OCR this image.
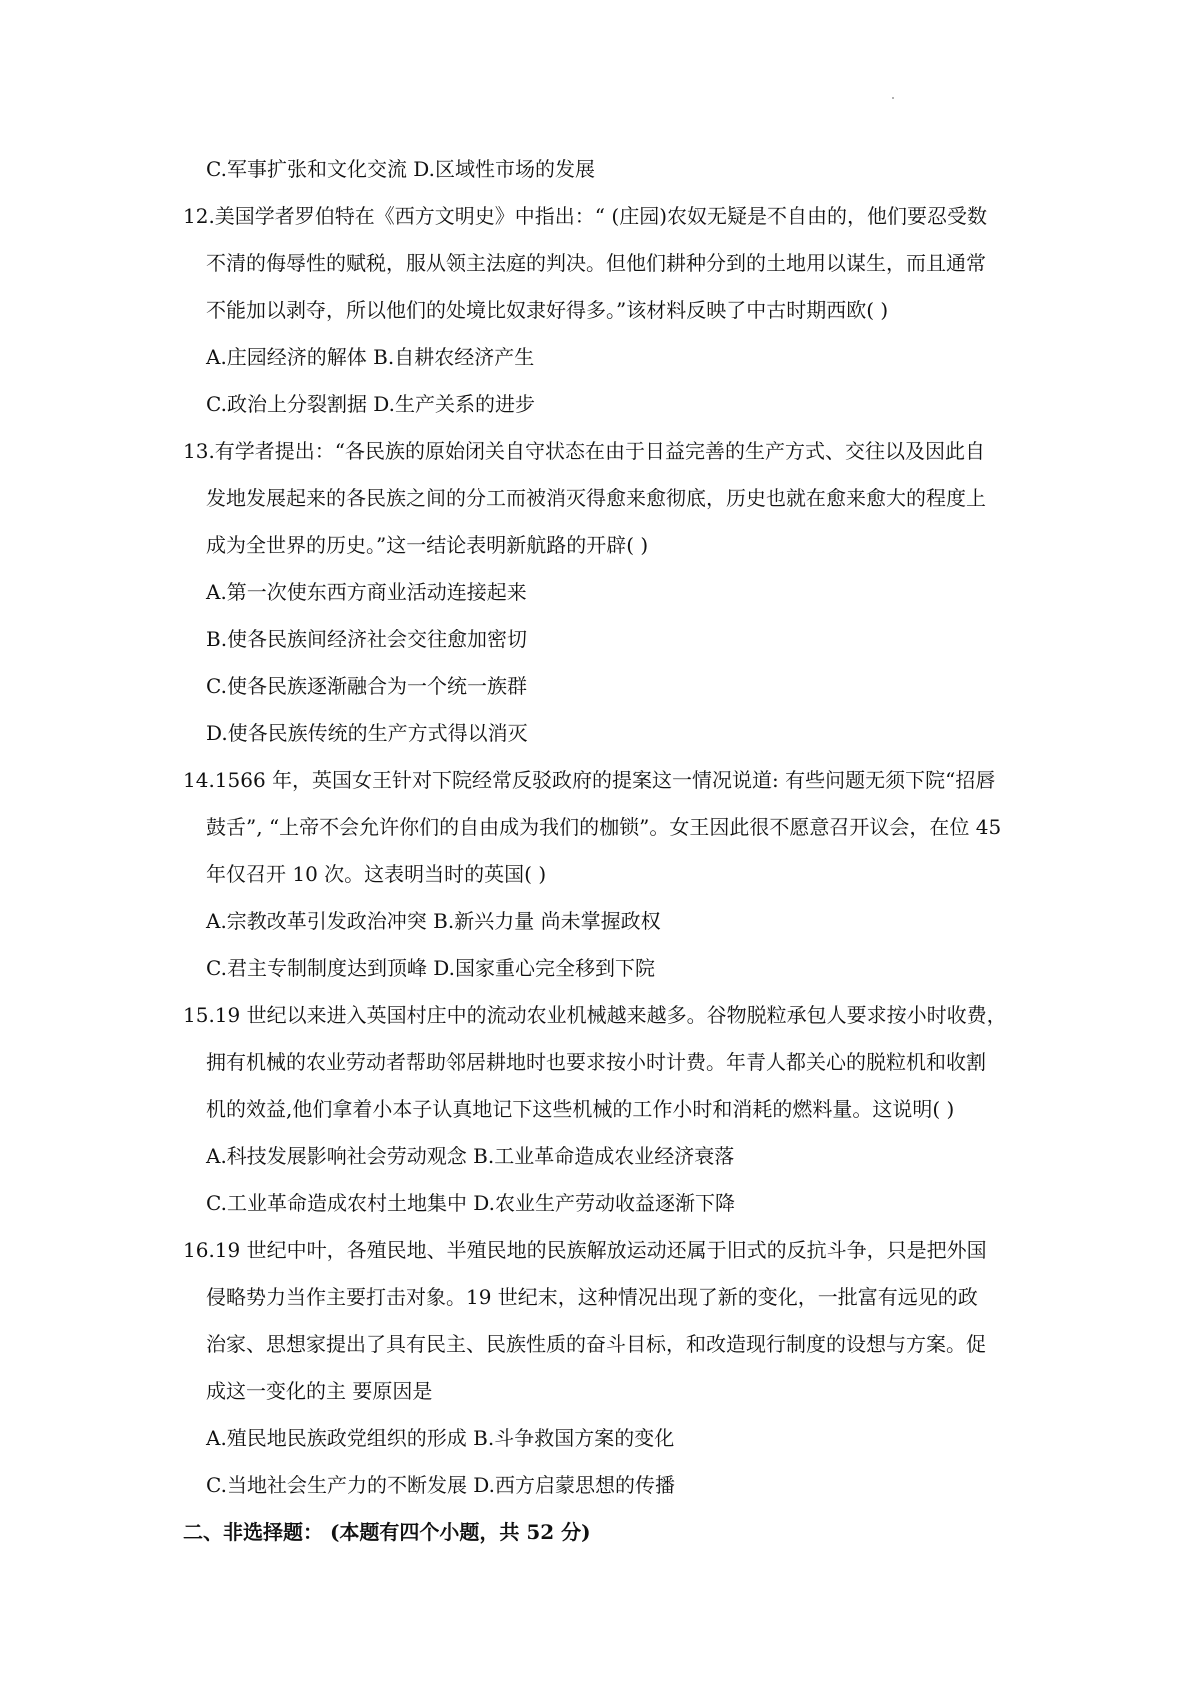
C.军事扩张和文化交流 D.区域性市场的发展
12.美国学者罗伯特在《西方文明史》中指出：“ (庄园)农奴无疑是不自由的，他们要忍受数
不清的侮辱性的赋税，服从领主法庭的判决。但他们耕种分到的土地用以谋生，而且通常
不能加以剥夺，所以他们的处境比奴隶好得多。”该材料反映了中古时期西欧( )
A.庄园经济的解体 B.自耕农经济产生
C.政治上分裂割据 D.生产关系的进步
13.有学者提出：“各民族的原始闭关自守状态在由于日益完善的生产方式、交往以及因此自
发地发展起来的各民族之间的分工而被消灭得愈来愈彻底，历史也就在愈来愈大的程度上
成为全世界的历史。”这一结论表明新航路的开辟( )
A.第一次使东西方商业活动连接起来
B.使各民族间经济社会交往愈加密切
C.使各民族逐渐融合为一个统一族群
D.使各民族传统的生产方式得以消灭
14.1566 年，英国女王针对下院经常反驳政府的提案这一情况说道: 有些问题无须下院“招唇
鼓舌”, “上帝不会允许你们的自由成为我们的枷锁”。女王因此很不愿意召开议会，在位 45
年仅召开 10 次。这表明当时的英国( )
A.宗教改革引发政治冲突 B.新兴力量 尚未掌握政权
C.君主专制制度达到顶峰 D.国家重心完全移到下院
15.19 世纪以来进入英国村庄中的流动农业机械越来越多。谷物脱粒承包人要求按小时收费，
拥有机械的农业劳动者帮助邻居耕地时也要求按小时计费。年青人都关心的脱粒机和收割
机的效益,他们拿着小本子认真地记下这些机械的工作小时和消耗的燃料量。这说明( )
A.科技发展影响社会劳动观念 B.工业革命造成农业经济衰落
C.工业革命造成农村土地集中 D.农业生产劳动收益逐渐下降
16.19 世纪中叶，各殖民地、半殖民地的民族解放运动还属于旧式的反抗斗争，只是把外国
侵略势力当作主要打击对象。19 世纪末，这种情况出现了新的变化，一批富有远见的政
治家、思想家提出了具有民主、民族性质的奋斗目标，和改造现行制度的设想与方案。促
成这一变化的主 要原因是
A.殖民地民族政党组织的形成 B.斗争救国方案的变化
C.当地社会生产力的不断发展 D.西方启蒙思想的传播
二、非选择题： (本题有四个小题，共 52 分)
